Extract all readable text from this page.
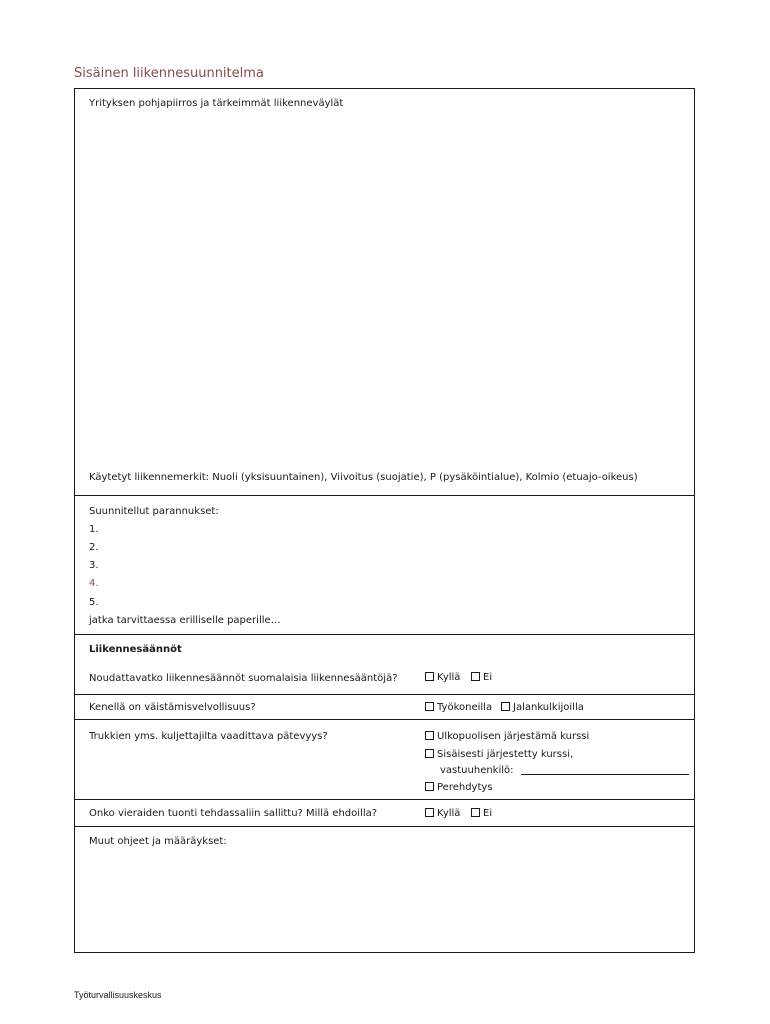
Sisäinen liikennesuunnitelma
Yrityksen pohjapiirros ja tärkeimmät liikenneväylät
Käytetyt liikennemerkit: Nuoli (yksisuuntainen), Viivoitus (suojatie), P (pysäköintialue), Kolmio (etuajo-oikeus)
Suunnitellut parannukset:
1.
2.
3.
4.
5.
jatka tarvittaessa erilliselle paperille…
Liikennesäännöt
Noudattavatko liikennesäännöt suomalaisia liikennesääntöjä?	Kyllä	Ei
Kenellä on väistämisvelvollisuus?	Työkoneilla	Jalankulkijoilla
Trukkien yms. kuljettajilta vaadittava pätevyys?	Ulkopuolisen järjestämä kurssi
Sisäisesti järjestetty kurssi,
vastuuhenkilö:
Perehdytys
Onko vieraiden tuonti tehdassaliin sallittu? Millä ehdoilla?	Kyllä	Ei
Muut ohjeet ja määräykset:
Työturvallisuuskeskus
